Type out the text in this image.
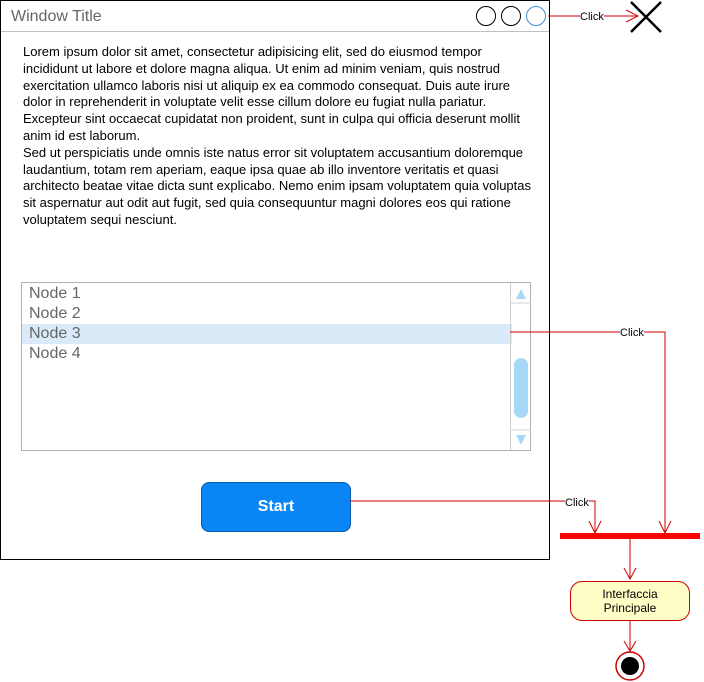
Window Title
Lorem ipsum dolor sit amet, consectetur adipisicing elit, sed do eiusmod tempor incididunt ut labore et dolore magna aliqua. Ut enim ad minim veniam, quis nostrud exercitation ullamco laboris nisi ut aliquip ex ea commodo consequat. Duis aute irure dolor in reprehenderit in voluptate velit esse cillum dolore eu fugiat nulla pariatur. Excepteur sint occaecat cupidatat non proident, sunt in culpa qui officia deserunt mollit anim id est laborum.
Sed ut perspiciatis unde omnis iste natus error sit voluptatem accusantium doloremque laudantium, totam rem aperiam, eaque ipsa quae ab illo inventore veritatis et quasi architecto beatae vitae dicta sunt explicabo. Nemo enim ipsam voluptatem quia voluptas sit aspernatur aut odit aut fugit, sed quia consequuntur magni dolores eos qui ratione voluptatem sequi nesciunt.
Node 1
Node 2
Node 3
Node 4
Start
Click
Click
Click
Interfaccia Principale
